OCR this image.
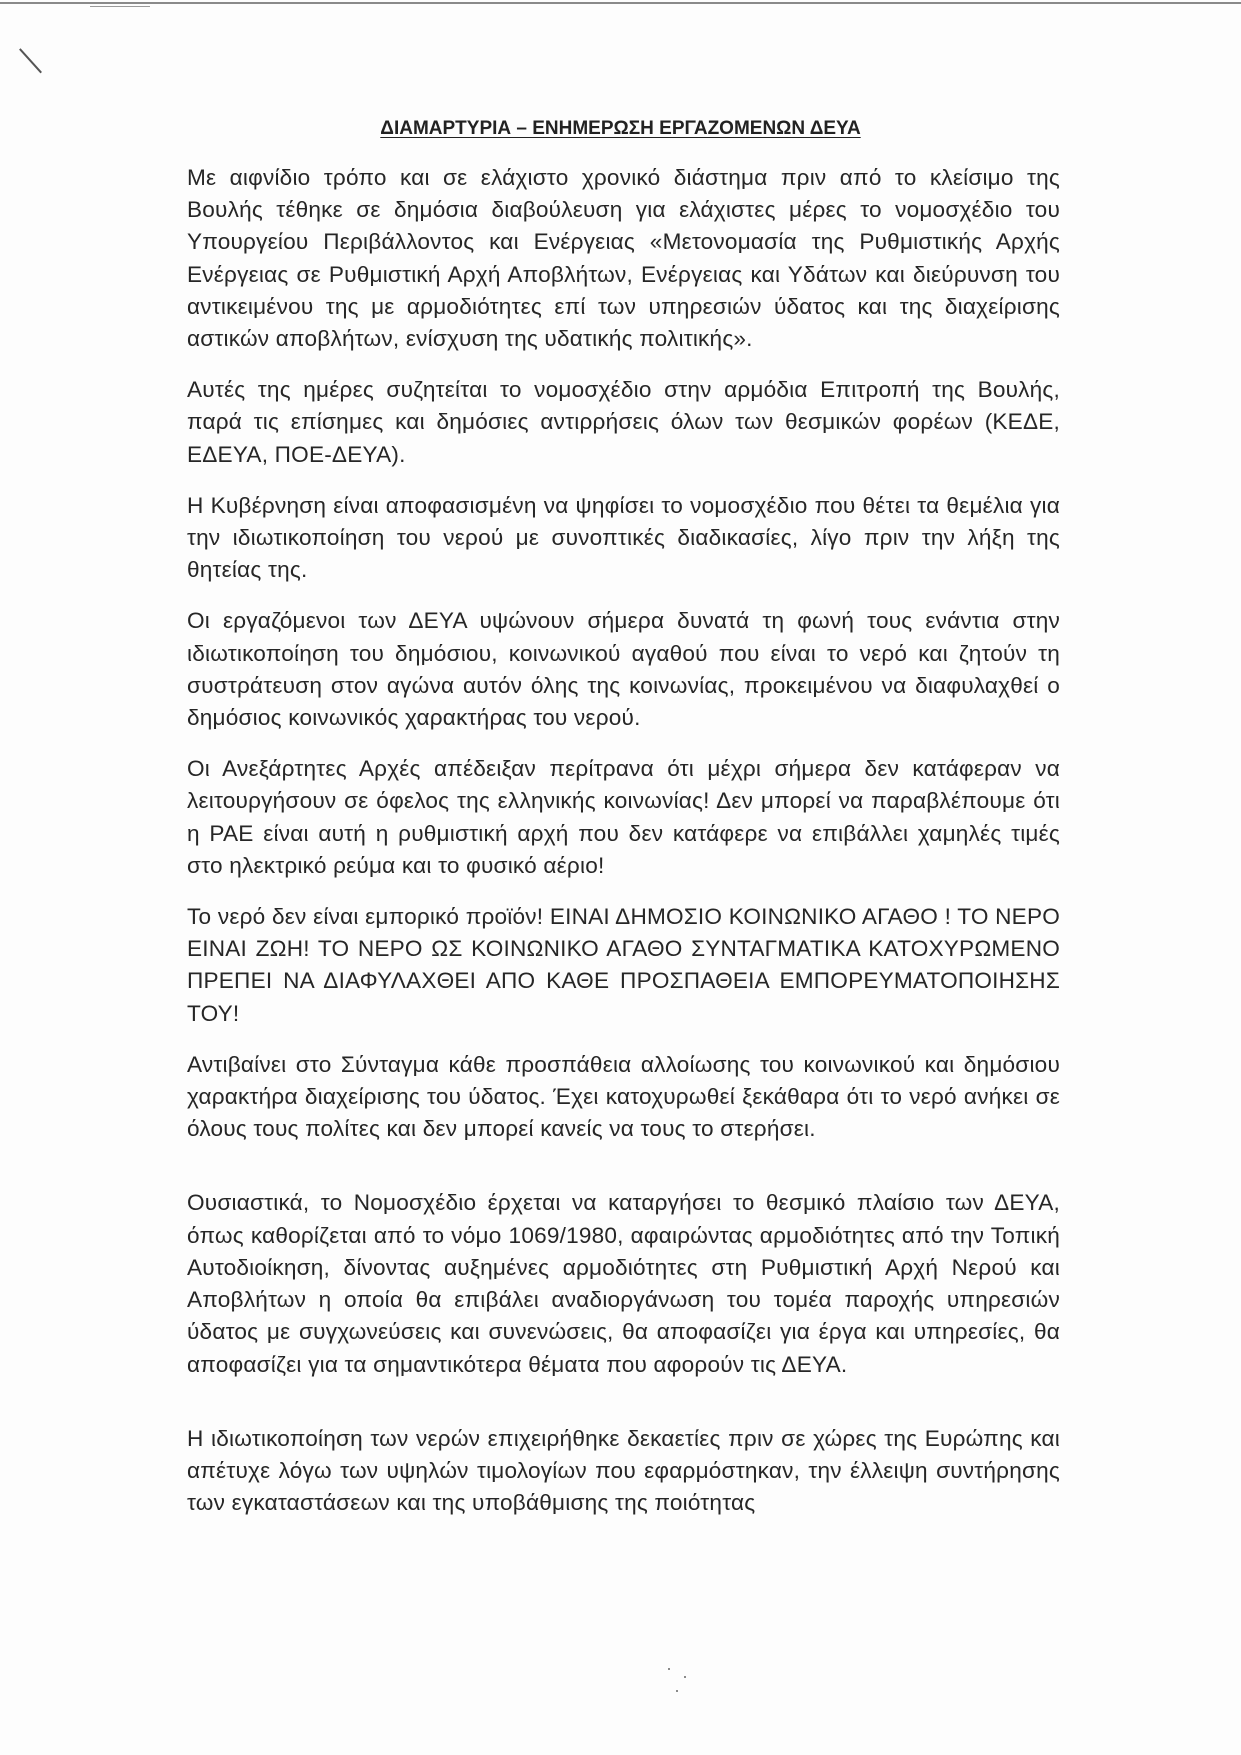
ΔΙΑΜΑΡΤΥΡΙΑ – ΕΝΗΜΕΡΩΣΗ ΕΡΓΑΖΟΜΕΝΩΝ ΔΕΥΑ

Με αιφνίδιο τρόπο και σε ελάχιστο χρονικό διάστημα πριν από το κλείσιμο της Βουλής τέθηκε σε δημόσια διαβούλευση για ελάχιστες μέρες το νομοσχέδιο του Υπουργείου Περιβάλλοντος και Ενέργειας «Μετονομασία της Ρυθμιστικής Αρχής Ενέργειας σε Ρυθμιστική Αρχή Αποβλήτων, Ενέργειας και Υδάτων και διεύρυνση του αντικειμένου της με αρμοδιότητες επί των υπηρεσιών ύδατος και της διαχείρισης αστικών αποβλήτων, ενίσχυση της υδατικής πολιτικής».

Αυτές της ημέρες συζητείται το νομοσχέδιο στην αρμόδια Επιτροπή της Βουλής, παρά τις επίσημες και δημόσιες αντιρρήσεις όλων των θεσμικών φορέων (ΚΕΔΕ, ΕΔΕΥΑ, ΠΟΕ-ΔΕΥΑ).

Η Κυβέρνηση είναι αποφασισμένη να ψηφίσει το νομοσχέδιο που θέτει τα θεμέλια για την ιδιωτικοποίηση του νερού με συνοπτικές διαδικασίες, λίγο πριν την λήξη της θητείας της.

Οι εργαζόμενοι των ΔΕΥΑ υψώνουν σήμερα δυνατά τη φωνή τους ενάντια στην ιδιωτικοποίηση του δημόσιου, κοινωνικού αγαθού που είναι το νερό και ζητούν τη συστράτευση στον αγώνα αυτόν όλης της κοινωνίας, προκειμένου να διαφυλαχθεί ο δημόσιος κοινωνικός χαρακτήρας του νερού.

Οι Ανεξάρτητες Αρχές απέδειξαν περίτρανα ότι μέχρι σήμερα δεν κατάφεραν να λειτουργήσουν σε όφελος της ελληνικής κοινωνίας! Δεν μπορεί να παραβλέπουμε ότι η ΡΑΕ είναι αυτή η ρυθμιστική αρχή που δεν κατάφερε να επιβάλλει χαμηλές τιμές στο ηλεκτρικό ρεύμα και το φυσικό αέριο!

Το νερό δεν είναι εμπορικό προϊόν! ΕΙΝΑΙ ΔΗΜΟΣΙΟ ΚΟΙΝΩΝΙΚΟ ΑΓΑΘΟ ! ΤΟ ΝΕΡΟ ΕΙΝΑΙ ΖΩΗ! ΤΟ ΝΕΡΟ ΩΣ ΚΟΙΝΩΝΙΚΟ ΑΓΑΘΟ ΣΥΝΤΑΓΜΑΤΙΚΑ ΚΑΤΟΧΥΡΩΜΕΝΟ ΠΡΕΠΕΙ ΝΑ ΔΙΑΦΥΛΑΧΘΕΙ ΑΠΟ ΚΑΘΕ ΠΡΟΣΠΑΘΕΙΑ ΕΜΠΟΡΕΥΜΑΤΟΠΟΙΗΣΗΣ ΤΟΥ!

Αντιβαίνει στο Σύνταγμα κάθε προσπάθεια αλλοίωσης του κοινωνικού και δημόσιου χαρακτήρα διαχείρισης του ύδατος. Έχει κατοχυρωθεί ξεκάθαρα ότι το νερό ανήκει σε όλους τους πολίτες και δεν μπορεί κανείς να τους το στερήσει.

Ουσιαστικά, το Νομοσχέδιο έρχεται να καταργήσει το θεσμικό πλαίσιο των ΔΕΥΑ, όπως καθορίζεται από το νόμο 1069/1980, αφαιρώντας αρμοδιότητες από την Τοπική Αυτοδιοίκηση, δίνοντας αυξημένες αρμοδιότητες στη Ρυθμιστική Αρχή Νερού και Αποβλήτων η οποία θα επιβάλει αναδιοργάνωση του τομέα παροχής υπηρεσιών ύδατος με συγχωνεύσεις και συνενώσεις, θα αποφασίζει για έργα και υπηρεσίες, θα αποφασίζει για τα σημαντικότερα θέματα που αφορούν τις ΔΕΥΑ.

Η ιδιωτικοποίηση των νερών επιχειρήθηκε δεκαετίες πριν σε χώρες της Ευρώπης και απέτυχε λόγω των υψηλών τιμολογίων που εφαρμόστηκαν, την έλλειψη συντήρησης των εγκαταστάσεων και της υποβάθμισης της ποιότητας
